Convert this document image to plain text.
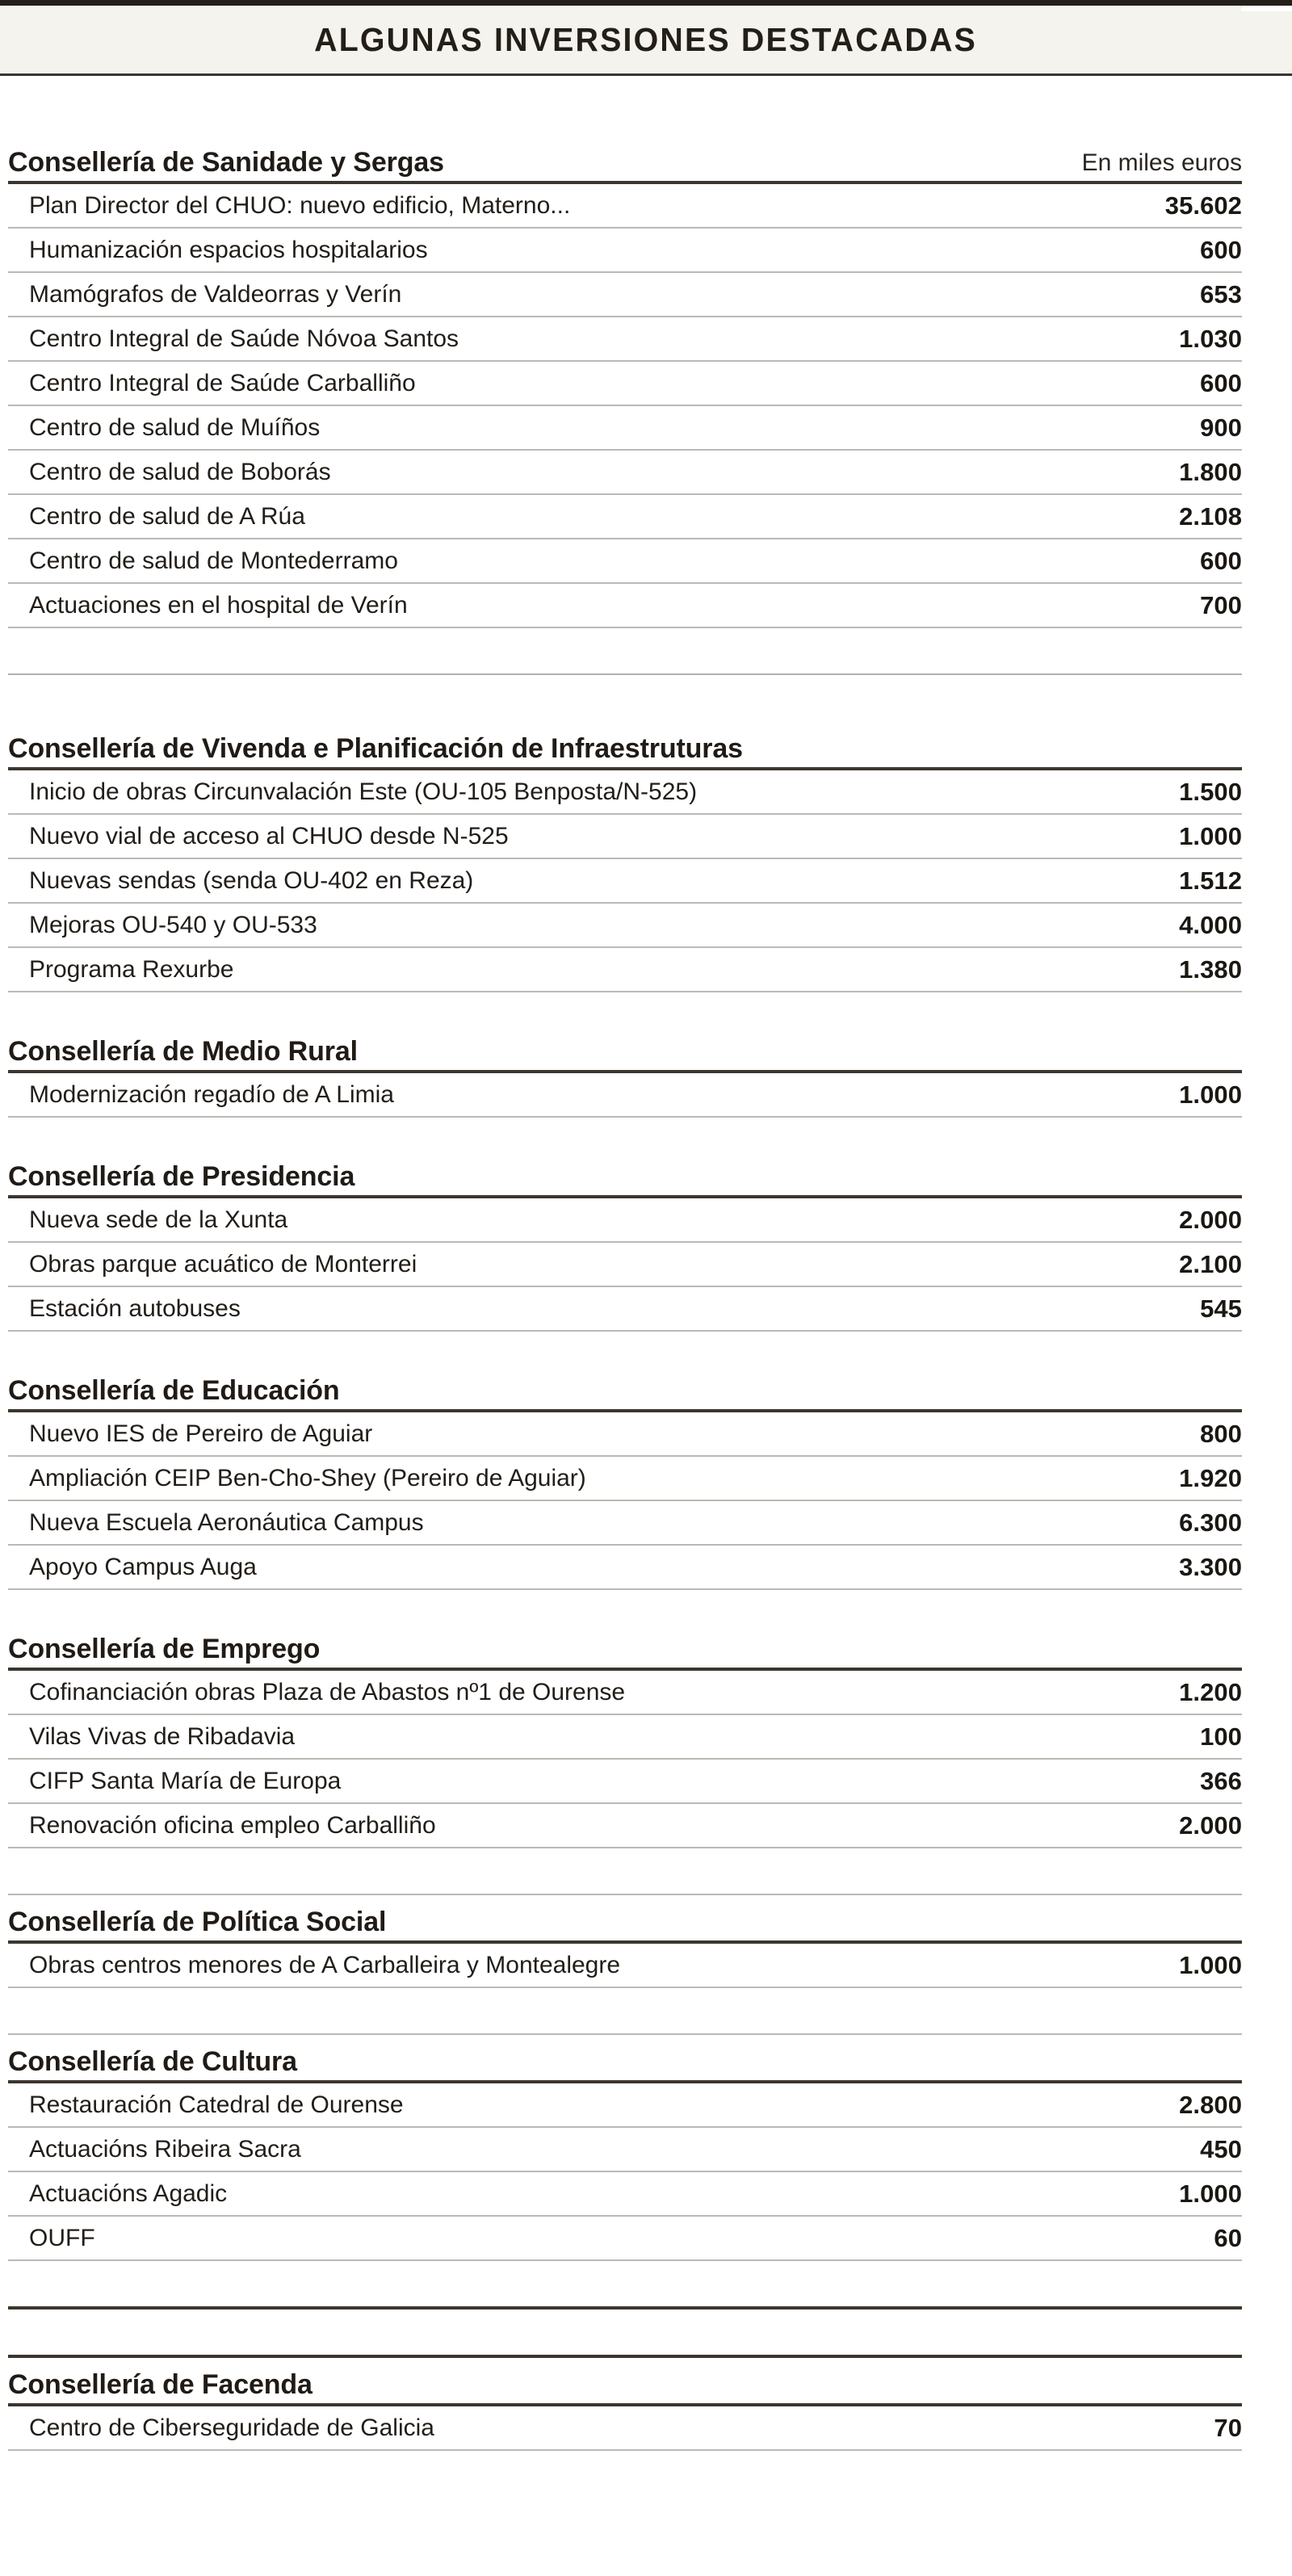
ALGUNAS INVERSIONES DESTACADAS
Consellería de Sanidade y Sergas	En miles euros
Plan Director del CHUO: nuevo edificio, Materno...	35.602
Humanización espacios hospitalarios	600
Mamógrafos de Valdeorras y Verín	653
Centro Integral de Saúde Nóvoa Santos	1.030
Centro Integral de Saúde Carballiño	600
Centro de salud de Muíños	900
Centro de salud de Boborás	1.800
Centro de salud de A Rúa	2.108
Centro de salud de Montederramo	600
Actuaciones en el hospital de Verín	700
Consellería de Vivenda e Planificación de Infraestruturas
Inicio de obras Circunvalación Este (OU-105 Benposta/N-525)	1.500
Nuevo vial de acceso al CHUO desde N-525	1.000
Nuevas sendas (senda OU-402 en Reza)	1.512
Mejoras OU-540 y OU-533	4.000
Programa Rexurbe	1.380
Consellería de Medio Rural
Modernización regadío de A Limia	1.000
Consellería de Presidencia
Nueva sede de la Xunta	2.000
Obras parque acuático de Monterrei	2.100
Estación autobuses	545
Consellería de Educación
Nuevo IES de Pereiro de Aguiar	800
Ampliación CEIP Ben-Cho-Shey (Pereiro de Aguiar)	1.920
Nueva Escuela Aeronáutica Campus	6.300
Apoyo Campus Auga	3.300
Consellería de Emprego
Cofinanciación obras Plaza de Abastos nº1 de Ourense	1.200
Vilas Vivas de Ribadavia	100
CIFP Santa María de Europa	366
Renovación oficina empleo Carballiño	2.000
Consellería de Política Social
Obras centros menores de A Carballeira y Montealegre	1.000
Consellería de Cultura
Restauración Catedral de Ourense	2.800
Actuacións Ribeira Sacra	450
Actuacións Agadic	1.000
OUFF	60
Consellería de Facenda
Centro de Ciberseguridade de Galicia	70
